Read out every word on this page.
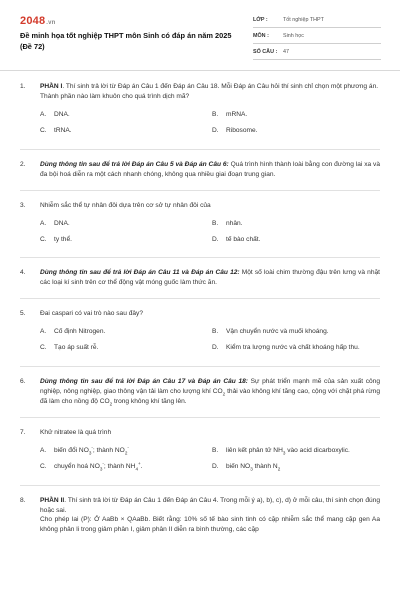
2048.vn
Đề minh họa tốt nghiệp THPT môn Sinh có đáp án năm 2025 (Đề 72)
LỚP :	Tốt nghiệp THPT
MÔN :	Sinh học
SỐ CÂU :	47
1.	PHẦN I. Thí sinh trả lời từ Đáp án Câu 1 đến Đáp án Câu 18. Mỗi Đáp án Câu hỏi thí sinh chỉ chọn một phương án.
Thành phần nào làm khuôn cho quá trình dịch mã?
A.	DNA.	B.	mRNA.
C.	tRNA.	D.	Ribosome.
2.	Dùng thông tin sau để trả lời Đáp án Câu 5 và Đáp án Câu 6: Quá trình hình thành loài bằng con đường lai xa và đa bội hoá diễn ra một cách nhanh chóng, không qua nhiều giai đoạn trung gian.
3.	Nhiễm sắc thể tự nhân đôi dựa trên cơ sở tự nhân đôi của
A.	DNA.	B.	nhân.
C.	ty thể.	D.	tế bào chất.
4.	Dùng thông tin sau để trả lời Đáp án Câu 11 và Đáp án Câu 12: Một số loài chim thường đậu trên lưng và nhặt các loại kí sinh trên cơ thể động vật móng guốc làm thức ăn.
5.	Đai caspari có vai trò nào sau đây?
A.	Cố định Nitrogen.	B.	Vận chuyển nước và muối khoáng.
C.	Tạo áp suất rễ.	D.	Kiểm tra lượng nước và chất khoáng hấp thu.
6.	Dùng thông tin sau để trả lời Đáp án Câu 17 và Đáp án Câu 18: Sự phát triển mạnh mẽ của sản xuất công nghiệp, nông nghiệp, giao thông vận tải làm cho lượng khí $CO_2$ thải vào không khí tăng cao, cộng với chặt phá rừng đã làm cho nồng độ $CO_2$ trong không khí tăng lên.
7.	Khử nitratee là quá trình
A.	biến đổi $NO_3^-$; thành $NO_2^-$	B.	liên kết phân tử $NH_3$ vào acid dicarboxylic.
C.	chuyển hoá $NO_3^-$; thành $NH_4^+$.	D.	biến $NO_3$ thành $N_2$
8.	PHẦN II. Thí sinh trả lời từ Đáp án Câu 1 đến Đáp án Câu 4. Trong mỗi ý a), b), c), d) ở mỗi câu, thí sinh chọn đúng hoặc sai.
Cho phép lai (P): Ở AaBb × QAaBb. Biết rằng: 10% số tế bào sinh tinh có cặp nhiễm sắc thể mang cặp gen Aa không phân li trong giảm phân I, giảm phân II diễn ra bình thường, các cặp
